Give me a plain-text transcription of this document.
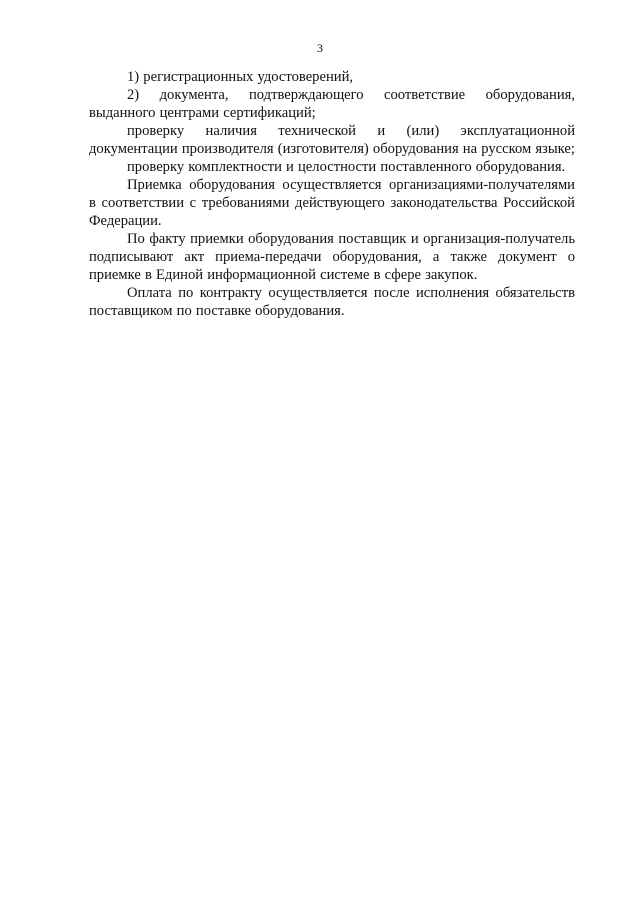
3

1) регистрационных удостоверений,

2) документа, подтверждающего соответствие оборудования, выданного центрами сертификаций;

проверку наличия технической и (или) эксплуатационной документации производителя (изготовителя) оборудования на русском языке;

проверку комплектности и целостности поставленного оборудования.

Приемка оборудования осуществляется организациями-получателями в соответствии с требованиями действующего законодательства Российской Федерации.

По факту приемки оборудования поставщик и организация-получатель подписывают акт приема-передачи оборудования, а также документ о приемке в Единой информационной системе в сфере закупок.

Оплата по контракту осуществляется после исполнения обязательств поставщиком по поставке оборудования.
